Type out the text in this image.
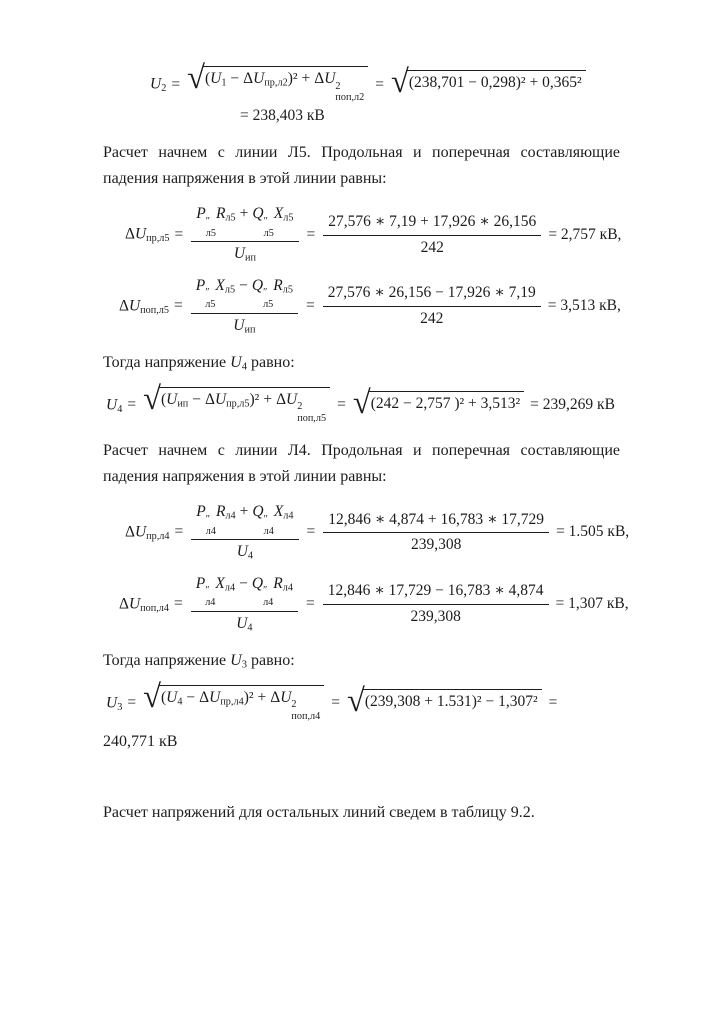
U2 = √ (U1 − ΔUпр,л2)² + ΔU 2
поп,л2
= √ (238,701 − 0,298)² + 0,365²
= 238,403 кВ

Расчет начнем с линии Л5. Продольная и поперечная составляющие падения напряжения в этой линии равны:

ΔUпр,л5 = P ″
л5
Rл5 + Q ″
л5
Xл5
Uип = $\frac{27,576 ∗ 7,19 + 17,926 ∗ 26,156}{242} = 2,757$ кВ,
ΔUпоп,л5 = P ″
л5
Xл5 − Q ″
л5
Rл5
Uип = $\frac{27,576 ∗ 26,156 - 17,926 ∗ 7,19}{242} = 3,513$ кВ,

Тогда напряжение U4 равно:

U4 = √ (Uип − ΔUпр,л5)² + ΔU 2
поп,л5
= √ (242 − 2,757 )² + 3,513² = 239,269 кВ

Расчет начнем с линии Л4. Продольная и поперечная составляющие падения напряжения в этой линии равны:

ΔUпр,л4 = P ″
л4
Rл4 + Q ″
л4
Xл4
$U4 = \frac{12,846 ∗ 4,874 + 16,783 ∗ 17,729}{239,308} = 1.505$ кВ,
ΔUпоп,л4 = P ″
л4
Xл4 − Q ″
л4
Rл4
$U4 = \frac{12,846 ∗ 17,729 - 16,783 ∗ 4,874}{239,308} = 1,307$ кВ,

Тогда напряжение U3 равно:

U3 = √ (U4 − ΔUпр,л4)² + ΔU 2
поп,л4
= √ (239,308 + 1.531)² − 1,307² =
240,771 кВ

Расчет напряжений для остальных линий сведем в таблицу 9.2.
